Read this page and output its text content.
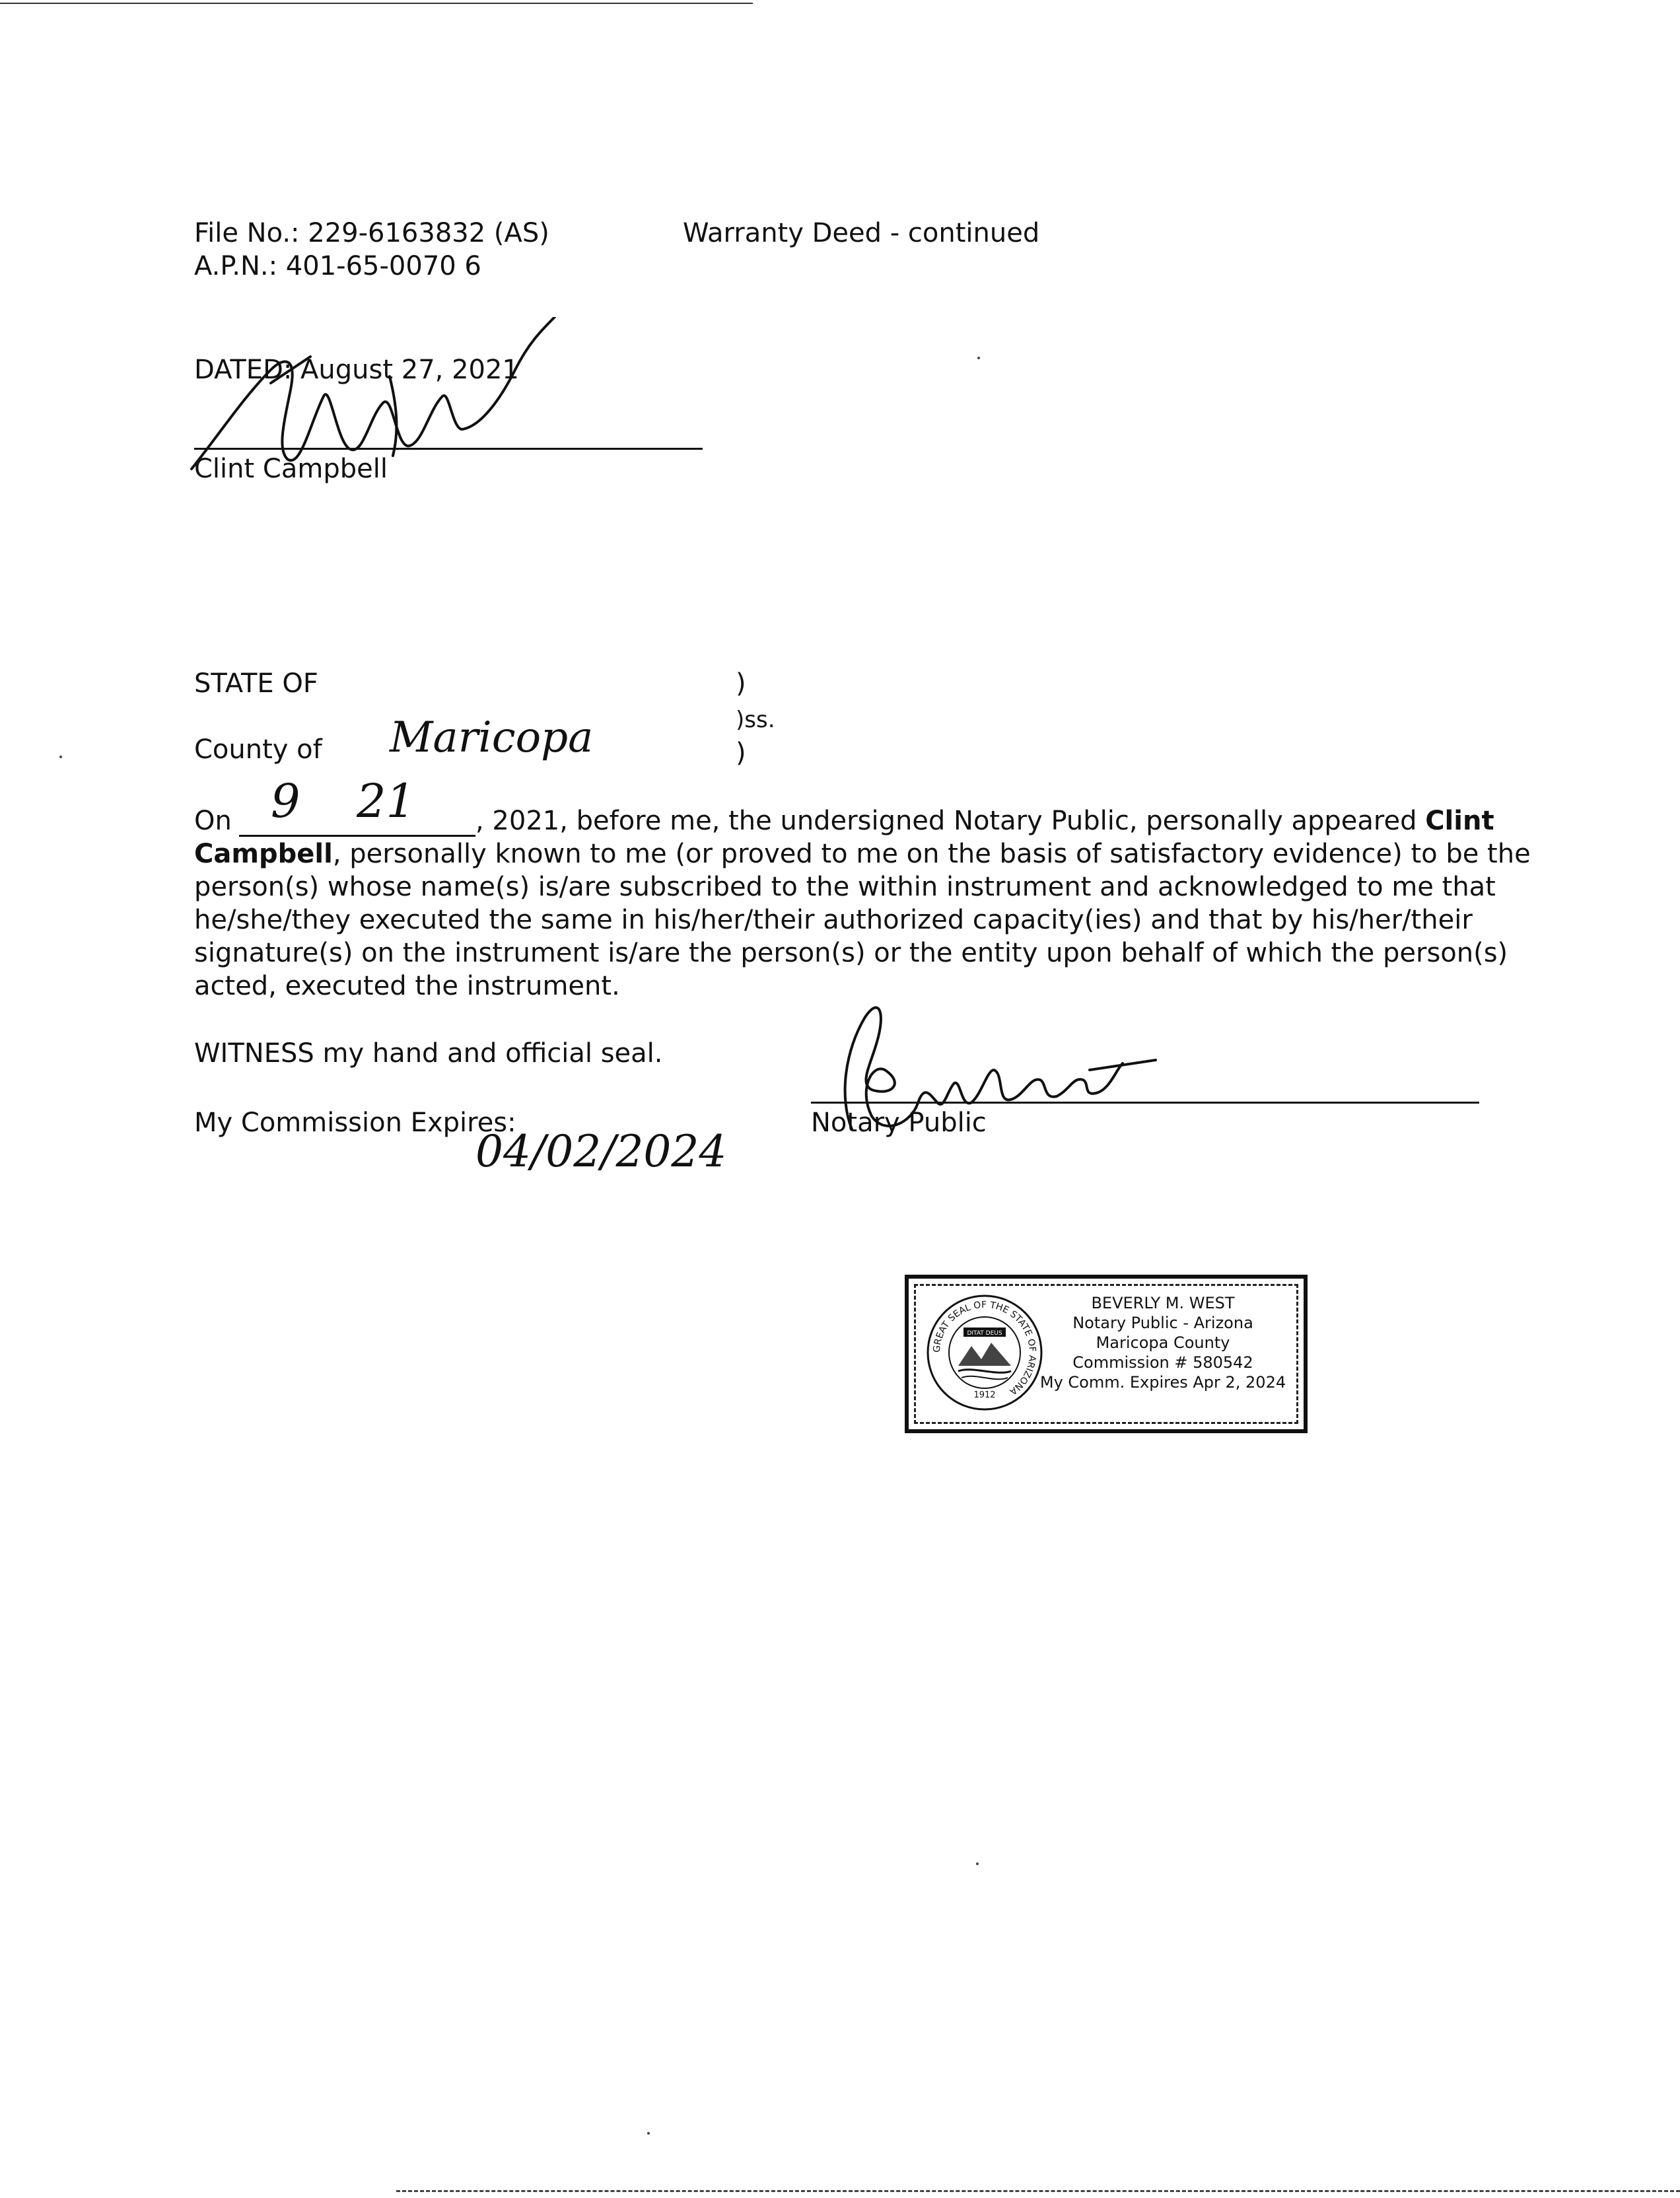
File No.: 229-6163832 (AS)
A.P.N.: 401-65-0070 6
Warranty Deed - continued
DATED: August 27, 2021
Clint Campbell
STATE OF
County of Maricopa
)
)ss.
)
On 9 21 , 2021, before me, the undersigned Notary Public, personally appeared Clint
Campbell, personally known to me (or proved to me on the basis of satisfactory evidence) to be the
person(s) whose name(s) is/are subscribed to the within instrument and acknowledged to me that
he/she/they executed the same in his/her/their authorized capacity(ies) and that by his/her/their
signature(s) on the instrument is/are the person(s) or the entity upon behalf of which the person(s)
acted, executed the instrument.
WITNESS my hand and official seal.
My Commission Expires:
04/02/2024
Notary Public
GREAT SEAL OF THE STATE OF ARIZONA
DITAT DEUS
1912
BEVERLY M. WEST
Notary Public - Arizona
Maricopa County
Commission # 580542
My Comm. Expires Apr 2, 2024
